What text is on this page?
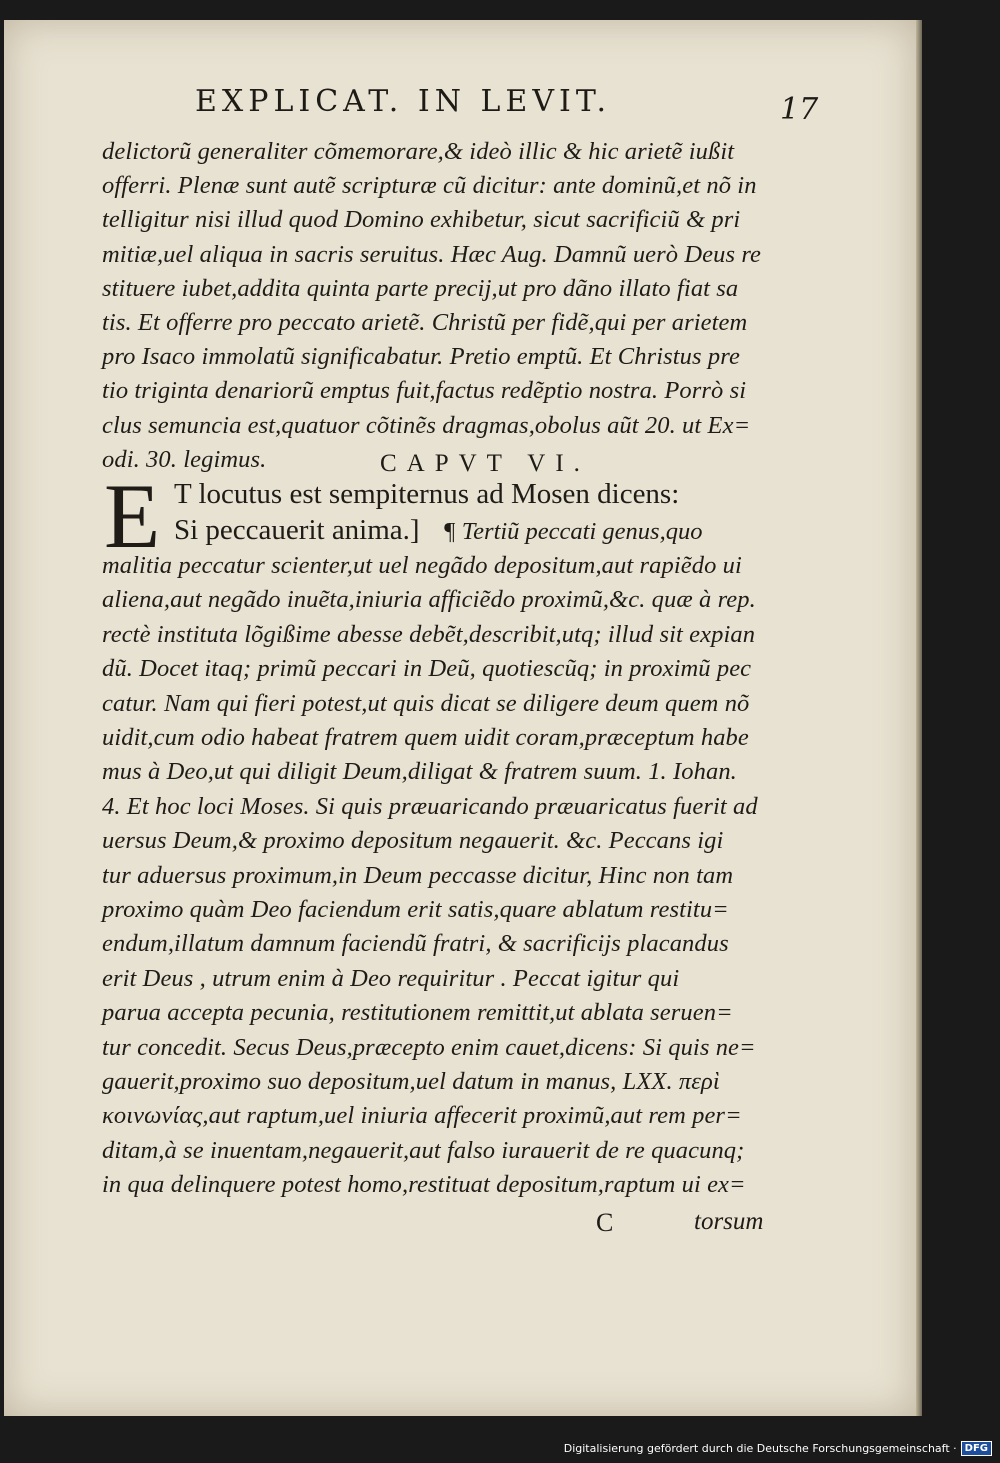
EXPLICAT. IN LEVIT.	17
delictorũ generaliter cõmemorare,& ideò illic & hic arietẽ iußit
offerri. Plenæ sunt autẽ scripturæ cũ dicitur: ante dominũ,et nõ in
telligitur nisi illud quod Domino exhibetur, sicut sacrificiũ & pri
mitiæ,uel aliqua in sacris seruitus. Hæc Aug. Damnũ uerò Deus re
stituere iubet,addita quinta parte precij,ut pro dãno illato fiat sa
tis. Et offerre pro peccato arietẽ. Christũ per fidẽ,qui per arietem
pro Isaco immolatũ significabatur. Pretio emptũ. Et Christus pre
tio triginta denariorũ emptus fuit,factus redẽptio nostra. Porrò si
clus semuncia est,quatuor cõtinẽs dragmas,obolus aũt 20. ut Ex=
odi. 30. legimus.	CAPVT VI.
E T locutus est sempiternus ad Mosen dicens:
Si peccauerit anima.] ¶ Tertiũ peccati genus,quo
malitia peccatur scienter,ut uel negãdo depositum,aut rapiẽdo ui
aliena,aut negãdo inuẽta,iniuria afficiẽdo proximũ,&c. quæ à rep.
rectè instituta lõgißime abesse debẽt,describit,utq; illud sit expian
dũ. Docet itaq; primũ peccari in Deũ, quotiescũq; in proximũ pec
catur. Nam qui fieri potest,ut quis dicat se diligere deum quem nõ
uidit,cum odio habeat fratrem quem uidit coram,præceptum habe
mus à Deo,ut qui diligit Deum,diligat & fratrem suum. 1. Iohan.
4. Et hoc loci Moses. Si quis præuaricando præuaricatus fuerit ad
uersus Deum,& proximo depositum negauerit. &c. Peccans igi
tur aduersus proximum,in Deum peccasse dicitur, Hinc non tam
proximo quàm Deo faciendum erit satis,quare ablatum restitu=
endum,illatum damnum faciendũ fratri, & sacrificijs placandus
erit Deus , utrum enim à Deo requiritur . Peccat igitur qui
parua accepta pecunia, restitutionem remittit,ut ablata seruen=
tur concedit. Secus Deus,præcepto enim cauet,dicens: Si quis ne=
gauerit,proximo suo depositum,uel datum in manus, LXX. περὶ
κοινωνίας,aut raptum,uel iniuria affecerit proximũ,aut rem per=
ditam,à se inuentam,negauerit,aut falso iurauerit de re quacunq;
in qua delinquere potest homo,restituat depositum,raptum ui ex=
C	torsum
Digitalisierung gefördert durch die Deutsche Forschungsgemeinschaft · DFG
